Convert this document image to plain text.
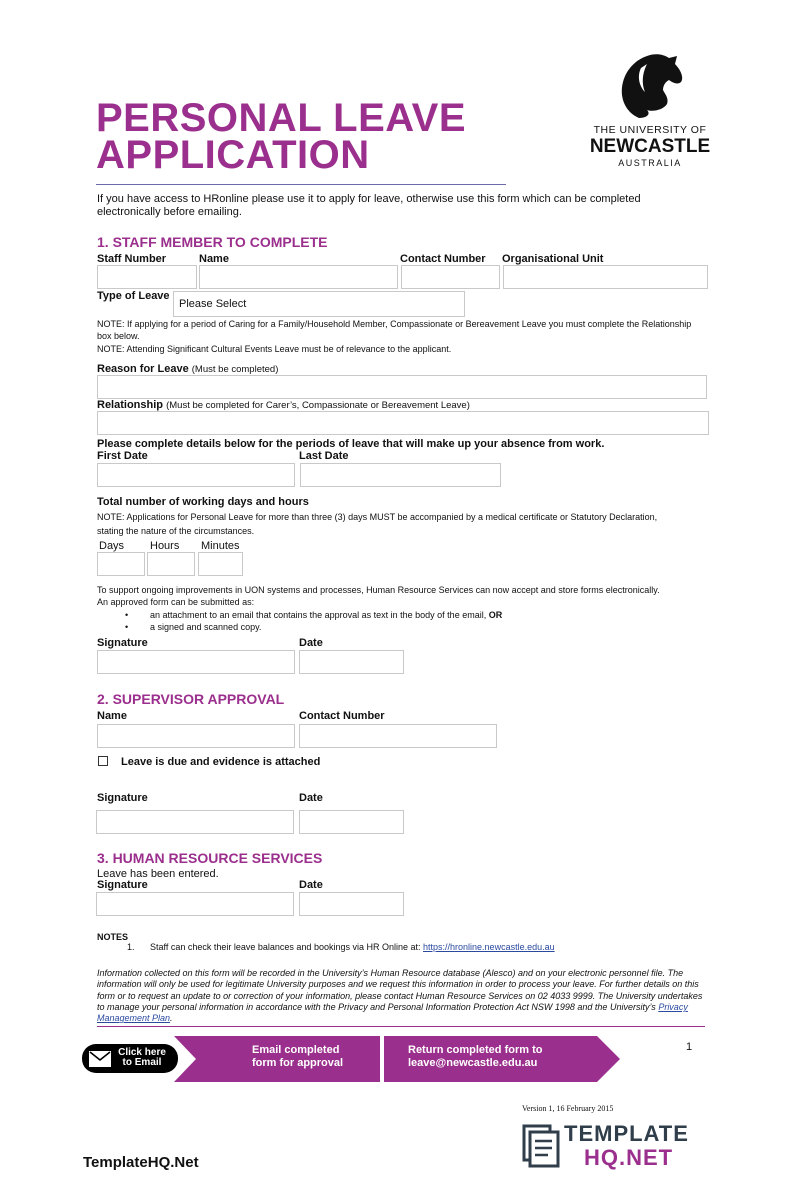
PERSONAL LEAVE
APPLICATION
THE UNIVERSITY OF
NEWCASTLE
AUSTRALIA
If you have access to HRonline please use it to apply for leave, otherwise use this form which can be completed electronically before emailing.
1. STAFF MEMBER TO COMPLETE
Staff Number	Name	Contact Number Organisational Unit
Type of Leave
Please Select
NOTE: If applying for a period of Caring for a Family/Household Member, Compassionate or Bereavement Leave you must complete the Relationship box below.
NOTE: Attending Significant Cultural Events Leave must be of relevance to the applicant.
Reason for Leave (Must be completed)
Relationship (Must be completed for Carer’s, Compassionate or Bereavement Leave)
Please complete details below for the periods of leave that will make up your absence from work.
First Date	Last Date
Total number of working days and hours
NOTE: Applications for Personal Leave for more than three (3) days MUST be accompanied by a medical certificate or Statutory Declaration,
stating the nature of the circumstances.
Days Hours Minutes
To support ongoing improvements in UON systems and processes, Human Resource Services can now accept and store forms electronically.
An approved form can be submitted as:
• an attachment to an email that contains the approval as text in the body of the email, OR
• a signed and scanned copy.
Signature	Date
2. SUPERVISOR APPROVAL
Name	Contact Number
Leave is due and evidence is attached
Signature	Date
3. HUMAN RESOURCE SERVICES
Leave has been entered.
Signature	Date
NOTES
1. Staff can check their leave balances and bookings via HR Online at: https://hronline.newcastle.edu.au
Information collected on this form will be recorded in the University’s Human Resource database (Alesco) and on your electronic personnel file. The information will only be used for legitimate University purposes and we request this information in order to process your leave. For further details on this form or to request an update to or correction of your information, please contact Human Resource Services on 02 4033 9999. The University undertakes to manage your personal information in accordance with the Privacy and Personal Information Protection Act NSW 1998 and the University’s Privacy Management Plan.
Email completed
form for approval
Return completed form to
leave@newcastle.edu.au
Click here
to Email
1
Version 1, 16 February 2015
TemplateHQ.Net
TEMPLATE
HQ.NET
